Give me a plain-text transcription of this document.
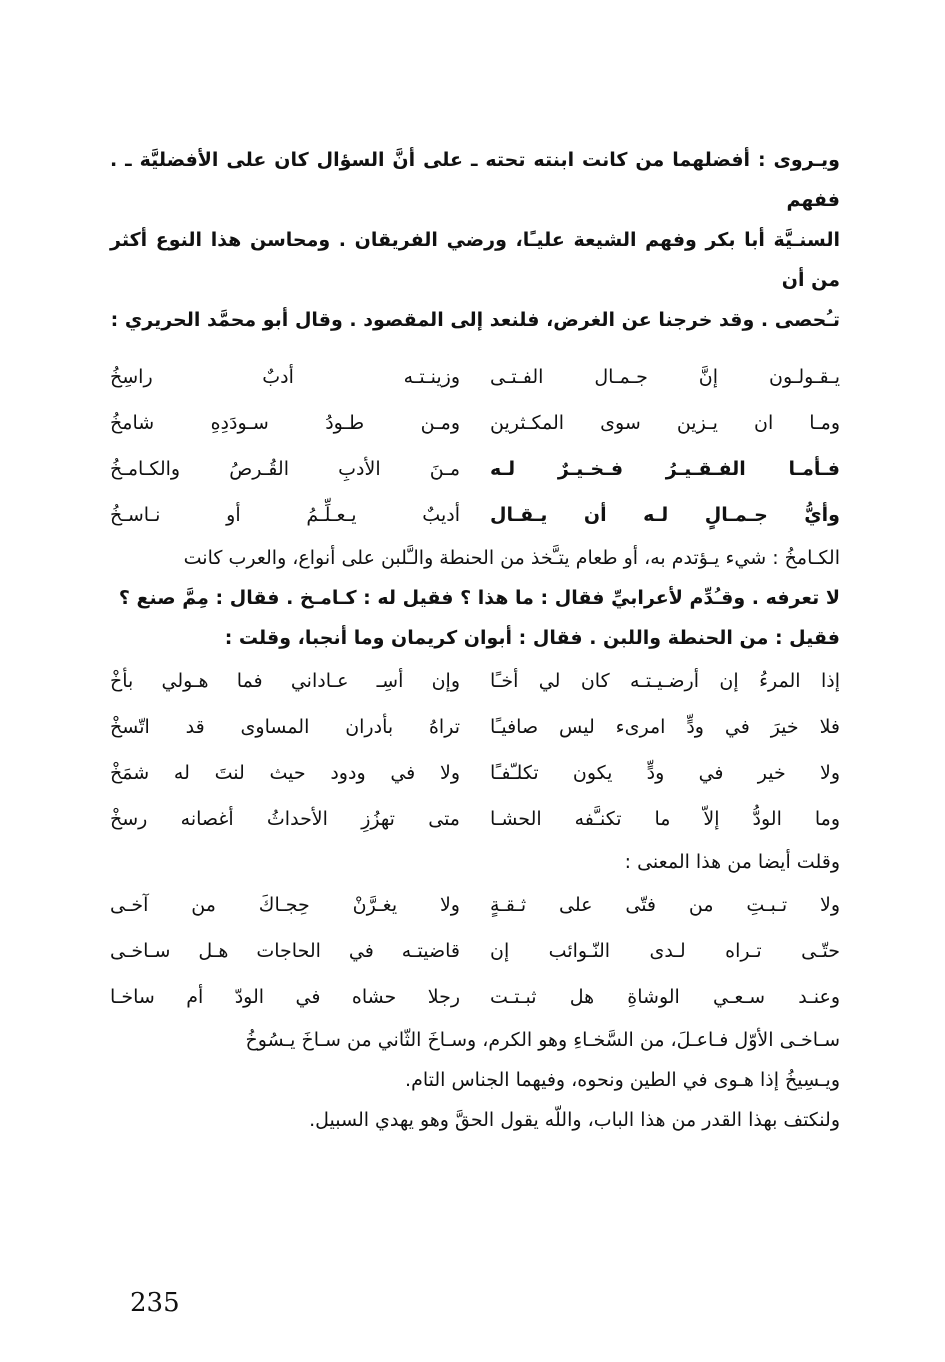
ويـروى : أفضلهما من كانت ابنته تحته ـ على أنَّ السؤال كان على الأفضليَّة ـ . ففهم
السنـيَّة أبا بكر وفهم الشيعة عليـًا، ورضي الفريقان . ومحاسن هذا النوع أكثر من أن
تـُحصى . وقد خرجنا عن الغرض، فلنعد إلى المقصود . وقال أبو محمَّد الحريري :
يـقـولـون إنَّ جـمـال الفـتـى
وزينـتـه أدبٌ راسِخُ
ومـا ان يـزين سوى المكـثرين
ومـن طـودُ سـودَدِهِ شامخُ
فـأمـا الفـقـيـرُ فـخـيـرٌ لـه
مـنَ الأدبِ القُـرصُ والكـامـخُ
وأيُّ جـمـالٍ لـه أن يـقـال
أديبٌ يـعـلِّـمُ أو نـاسـخُ
الكـامخُ : شيء يـؤتدم به، أو طعام يتـَّخذ من الحنطة والـَّلبن على أنواع، والعرب كانت
لا تعرفه . وقـُدِّم لأعرابيِّ فقال : ما هذا ؟ فقيل له : كـامـخ . فقال : مِمَّ صنع ؟
فقيل : من الحنطة واللبن . فقال : أبوان كريمان وما أنجبا، وقلت :
إذا المرءُ إن أرضـيـتـه كان لي أخـًا
وإن أسِـ عـاداني فما هـولي بأخْ
فلا خيرَ في ودٍّ امرىء ليس صافيـًا
تراهُ بأدران المساوى قد اتّسخْ
ولا خير في ودٍّ يكون تكلـّفـًا
ولا في ودود حيث لنتَ له شمَخْ
وما الودُّ إلاّ ما تكنـَّفه الحشـا
متى تهزُزِ الأحداثُ أغصانه رسخْ
وقلت أيضا من هذا المعنى :
ولا تـبـتِ من فتّى على ثـقـةٍ
ولا يغـرَّنْ حِجـاكَ من آخـى
حتّـى تـراه لـدى النّـوائب إن
قاضيتـه في الحاجات هـل سـاخـى
وعنـد سـعـي الوشاةِ هل ثبـتـت
رجلا حشاه في الودّ أم ساخـا
سـاخـى الأوّل فـاعـلَ، من السَّخـاءِ وهو الكرم، وسـاخَ الثّاني من سـاخَ يـسُوخُ
ويـسِيخُ إذا هـوى في الطين ونحوه، وفيهما الجناس التام.
ولنكتف بهذا القدر من هذا الباب، واللّه يقول الحقَّ وهو يهدي السبيل.
235
